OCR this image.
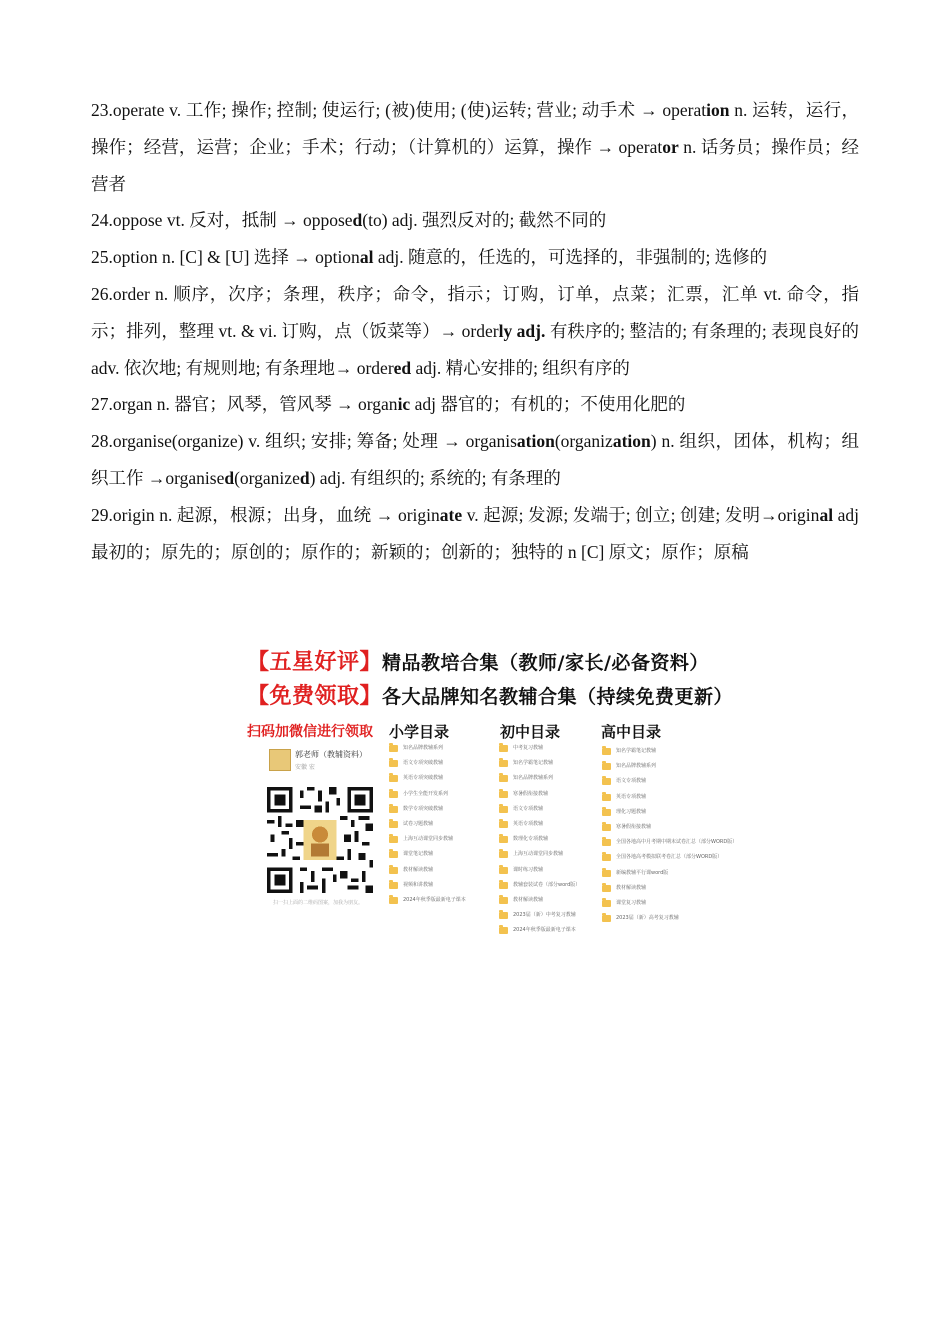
23.operate v. 工作; 操作; 控制; 使运行; (被)使用; (使)运转; 营业; 动手术 → operation n. 运转，运行，操作；经营，运营；企业；手术；行动；（计算机的）运算，操作 → operator n. 话务员；操作员；经营者

24.oppose vt. 反对，抵制 → opposed(to) adj. 强烈反对的; 截然不同的

25.option n. [C] & [U] 选择 → optional adj. 随意的，任选的，可选择的，非强制的; 选修的

26.order n. 顺序，次序；条理，秩序；命令，指示；订购，订单，点菜；汇票，汇单 vt. 命令，指示；排列，整理 vt. & vi. 订购，点（饭菜等）→ orderly adj. 有秩序的; 整洁的; 有条理的; 表现良好的 adv. 依次地; 有规则地; 有条理地→ ordered adj. 精心安排的; 组织有序的

27.organ n. 器官；风琴，管风琴 → organic adj 器官的；有机的；不使用化肥的

28.organise(organize) v. 组织; 安排; 筹备; 处理 → organisation(organization) n. 组织，团体，机构；组织工作 →organised(organized) adj. 有组织的; 系统的; 有条理的

29.origin n. 起源，根源；出身，血统 → originate v. 起源; 发源; 发端于; 创立; 创建; 发明→original adj 最初的；原先的；原创的；原作的；新颖的；创新的；独特的 n [C] 原文；原作；原稿

【五星好评】精品教培合集（教师/家长/必备资料）
【免费领取】各大品牌知名教辅合集（持续免费更新）
扫码加微信进行领取
郭老师（教辅资料）
安徽 宏
扫一扫上面的二维码图案，加我为朋友。
小学目录	初中目录	高中目录
知名品牌教辅系列
语文专项突破教辅
英语专项突破教辅
小学生全能开发系列
数学专项突破教辅
试卷习题教辅
上海互动课堂同步教辅
课堂笔记教辅
教材解读教辅
视频和讲教辅
2024年秋季版最新电子课本
中考复习教辅
知名学霸笔记教辅
知名品牌教辅系列
寒暑假衔接教辅
语文专项教辅
英语专项教辅
数理化专项教辅
上海互动课堂同步教辅
课时练习教辅
教辅套装试卷（部分word版）
教材解读教辅
2023届（新）中考复习教辅
2024年秋季版最新电子课本
知名学霸笔记教辅
知名品牌教辅系列
语文专项教辅
英语专项教辅
理化习题教辅
寒暑假衔接教辅
全国各地高中月考期中期末试卷汇总（部分WORD版）
全国各地高考模拟联考卷汇总（部分WORD版）
新编教辅平行课word版
教材解读教辅
课堂复习教辅
2023届（新）高考复习教辅
